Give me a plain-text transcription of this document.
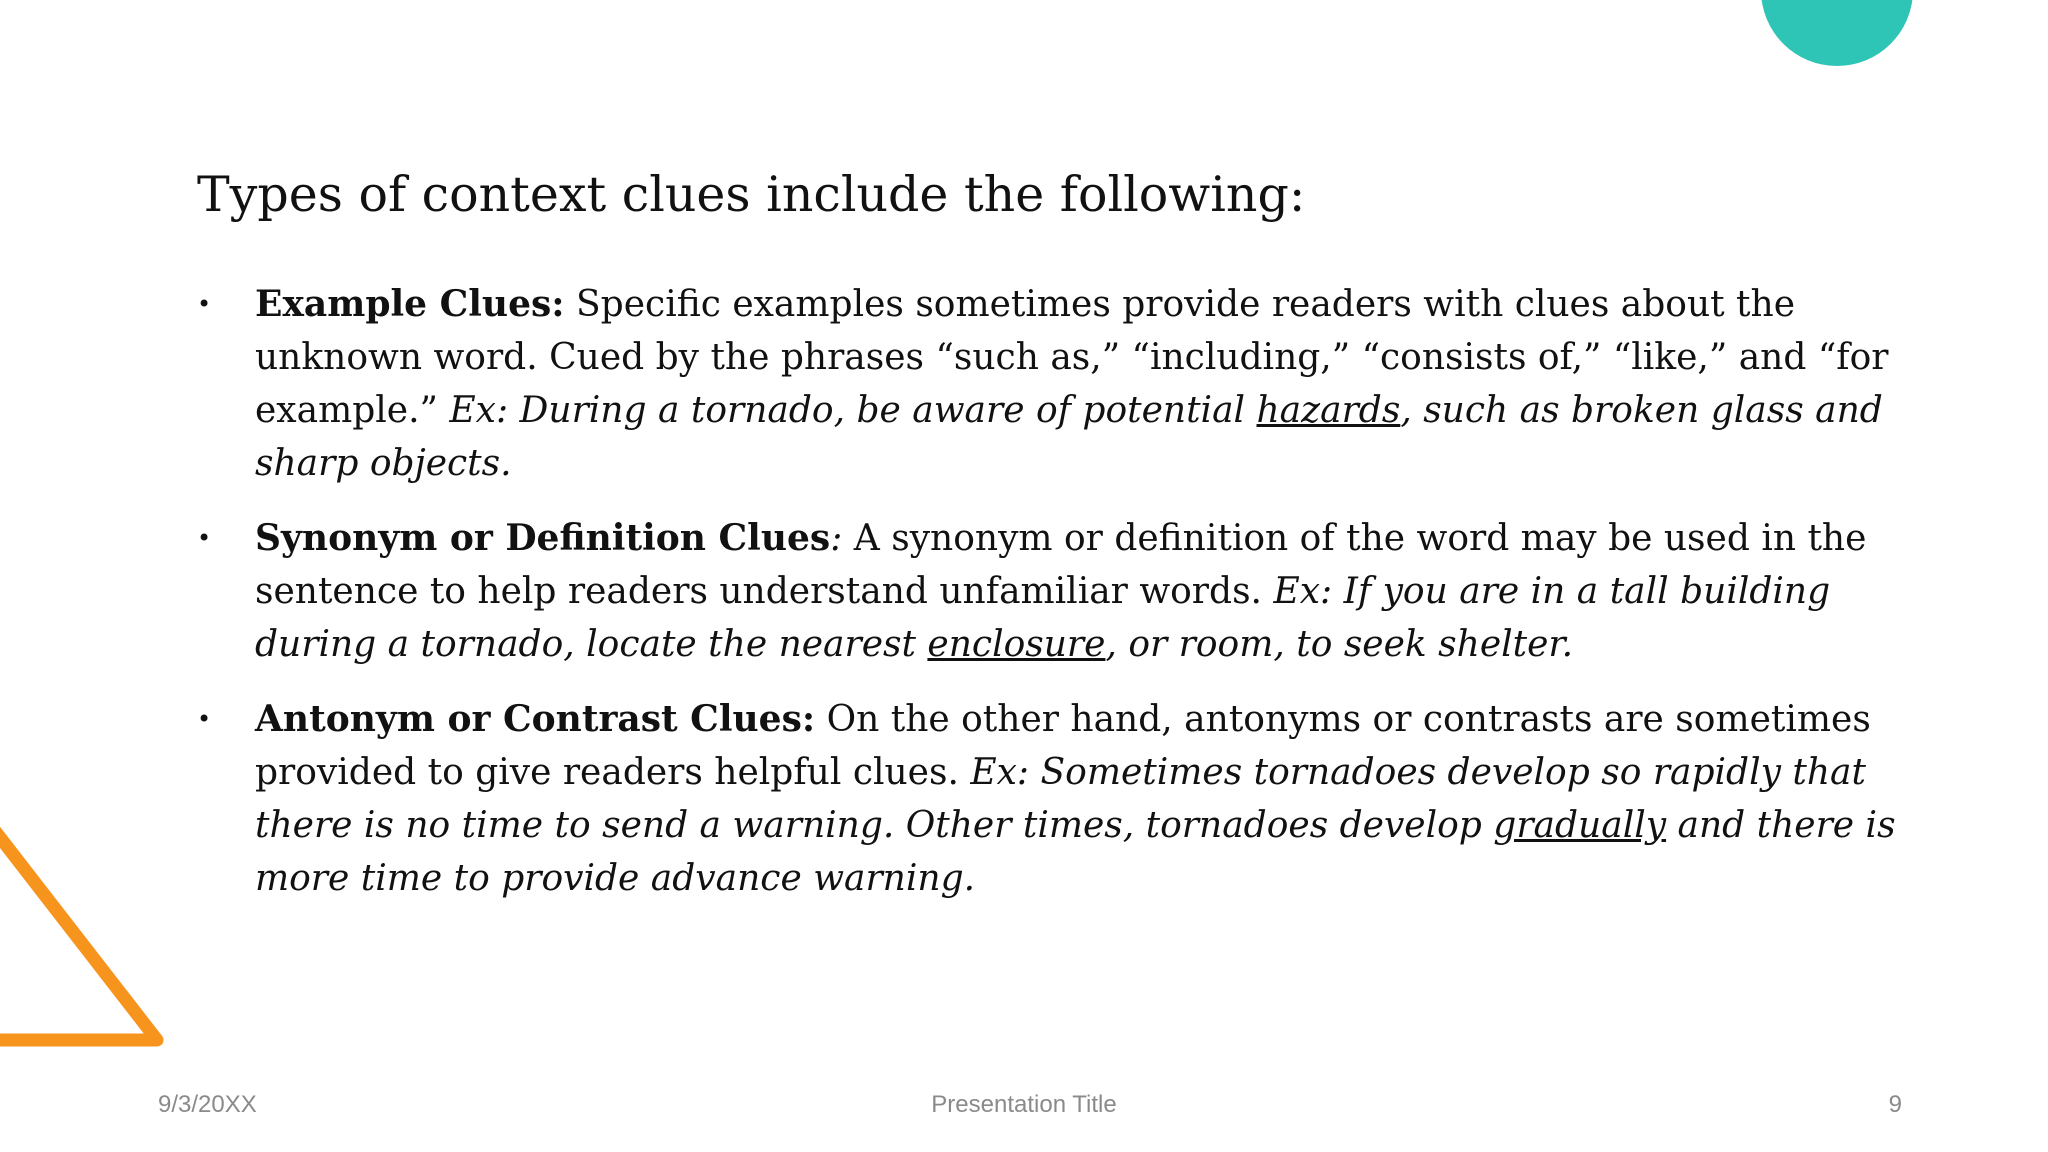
Types of context clues include the following:
• Example Clues: Specific examples sometimes provide readers with clues about the unknown word. Cued by the phrases “such as,” “including,” “consists of,” “like,” and “for example.” Ex: During a tornado, be aware of potential hazards, such as broken glass and sharp objects.
• Synonym or Definition Clues: A synonym or definition of the word may be used in the sentence to help readers understand unfamiliar words. Ex: If you are in a tall building during a tornado, locate the nearest enclosure, or room, to seek shelter.
• Antonym or Contrast Clues: On the other hand, antonyms or contrasts are sometimes provided to give readers helpful clues. Ex: Sometimes tornadoes develop so rapidly that there is no time to send a warning. Other times, tornadoes develop gradually and there is more time to provide advance warning.
9/3/20XX	Presentation Title	9
